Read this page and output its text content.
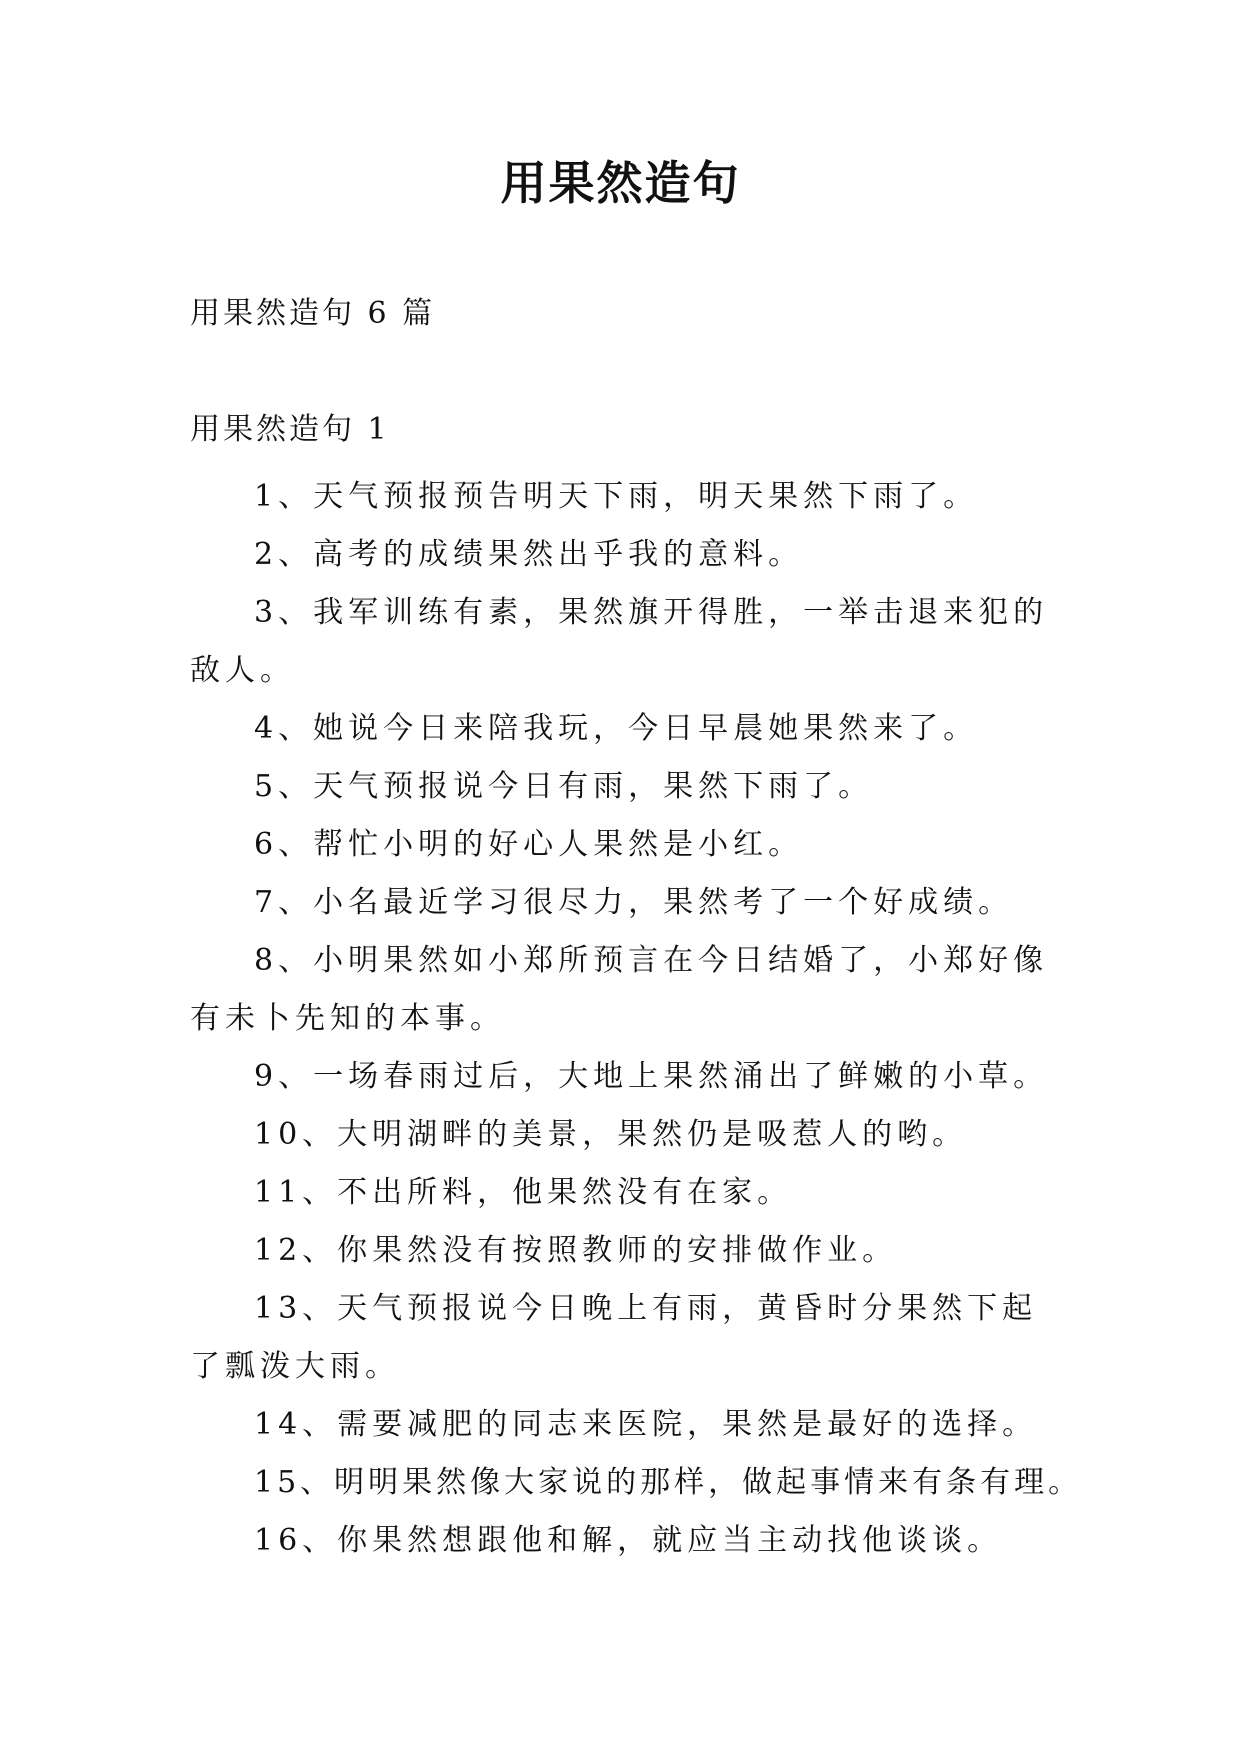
用果然造句
用果然造句 6 篇
用果然造句 1
1、天气预报预告明天下雨，明天果然下雨了。
2、高考的成绩果然出乎我的意料。
3、我军训练有素，果然旗开得胜，一举击退来犯的敌人。
4、她说今日来陪我玩，今日早晨她果然来了。
5、天气预报说今日有雨，果然下雨了。
6、帮忙小明的好心人果然是小红。
7、小名最近学习很尽力，果然考了一个好成绩。
8、小明果然如小郑所预言在今日结婚了，小郑好像有未卜先知的本事。
9、一场春雨过后，大地上果然涌出了鲜嫩的小草。
10、大明湖畔的美景，果然仍是吸惹人的哟。
11、不出所料，他果然没有在家。
12、你果然没有按照教师的安排做作业。
13、天气预报说今日晚上有雨，黄昏时分果然下起了瓢泼大雨。
14、需要减肥的同志来医院，果然是最好的选择。
15、明明果然像大家说的那样，做起事情来有条有理。
16、你果然想跟他和解，就应当主动找他谈谈。
